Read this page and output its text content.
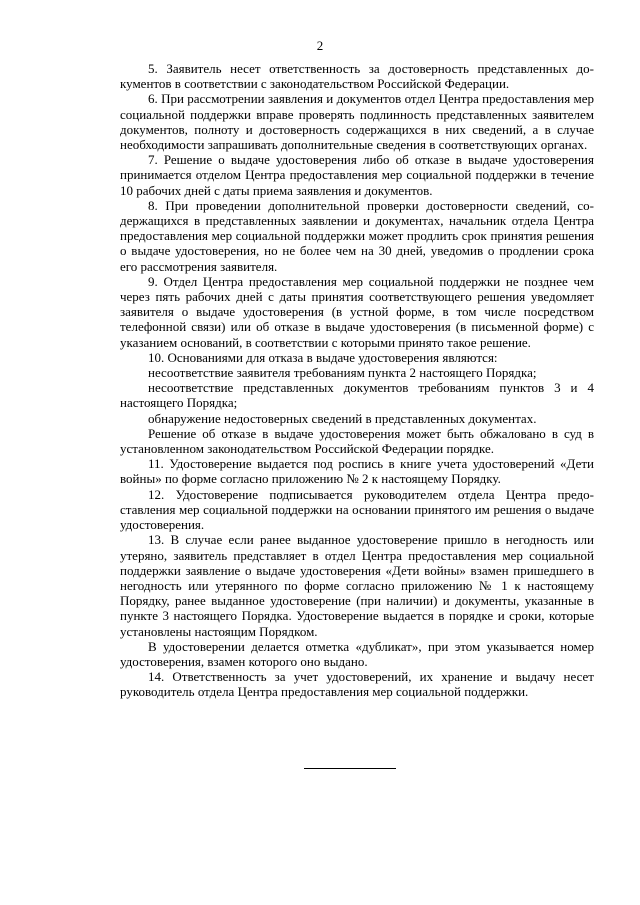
2

5. Заявитель несет ответственность за достоверность представленных документов в соответствии с законодательством Российской Федерации.

6. При рассмотрении заявления и документов отдел Центра предоставления мер социальной поддержки вправе проверять подлинность представленных заявителем документов, полноту и достоверность содержащихся в них сведений, а в случае необходимости запрашивать дополнительные сведения в соответствующих органах.

7. Решение о выдаче удостоверения либо об отказе в выдаче удостоверения принимается отделом Центра предоставления мер социальной поддержки в течение 10 рабочих дней с даты приема заявления и документов.

8. При проведении дополнительной проверки достоверности сведений, содержащихся в представленных заявлении и документах, начальник отдела Центра предоставления мер социальной поддержки может продлить срок принятия решения о выдаче удостоверения, но не более чем на 30 дней, уведомив о продлении срока его рассмотрения заявителя.

9. Отдел Центра предоставления мер социальной поддержки не позднее чем через пять рабочих дней с даты принятия соответствующего решения уведомляет заявителя о выдаче удостоверения (в устной форме, в том числе посредством телефонной связи) или об отказе в выдаче удостоверения (в письменной форме) с указанием оснований, в соответствии с которыми принято такое решение.

10. Основаниями для отказа в выдаче удостоверения являются:

несоответствие заявителя требованиям пункта 2 настоящего Порядка;

несоответствие представленных документов требованиям пунктов 3 и 4 настоящего Порядка;

обнаружение недостоверных сведений в представленных документах.

Решение об отказе в выдаче удостоверения может быть обжаловано в суд в установленном законодательством Российской Федерации порядке.

11. Удостоверение выдается под роспись в книге учета удостоверений «Дети войны» по форме согласно приложению № 2 к настоящему Порядку.

12. Удостоверение подписывается руководителем отдела Центра предоставления мер социальной поддержки на основании принятого им решения о выдаче удостоверения.

13. В случае если ранее выданное удостоверение пришло в негодность или утеряно, заявитель представляет в отдел Центра предоставления мер социальной поддержки заявление о выдаче удостоверения «Дети войны» взамен пришедшего в негодность или утерянного по форме согласно приложению № 1 к настоящему Порядку, ранее выданное удостоверение (при наличии) и документы, указанные в пункте 3 настоящего Порядка. Удостоверение выдается в порядке и сроки, которые установлены настоящим Порядком.

В удостоверении делается отметка «дубликат», при этом указывается номер удостоверения, взамен которого оно выдано.

14. Ответственность за учет удостоверений, их хранение и выдачу несет руководитель отдела Центра предоставления мер социальной поддержки.
